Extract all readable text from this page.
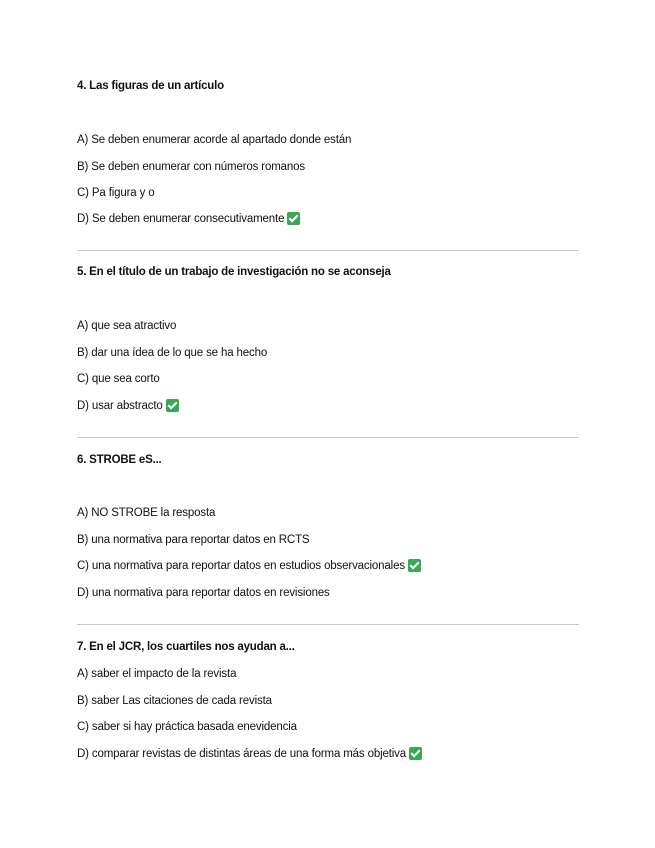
4. Las figuras de un artículo
A) Se deben enumerar acorde al apartado donde están
B) Se deben enumerar con números romanos
C) Pa figura y o
D) Se deben enumerar consecutivamente
5. En el título de un trabajo de investigación no se aconseja
A) que sea atractivo
B) dar una ídea de lo que se ha hecho
C) que sea corto
D) usar abstracto
6. STROBE eS...
A) NO STROBE la resposta
B) una normativa para reportar datos en RCTS
C) una normativa para reportar datos en estudios observacionales
D) una normativa para reportar datos en revisiones
7. En el JCR, los cuartiles nos ayudan a...
A) saber el impacto de la revista
B) saber Las citaciones de cada revista
C) saber si hay práctica basada enevidencia
D) comparar revistas de distintas áreas de una forma más objetiva
